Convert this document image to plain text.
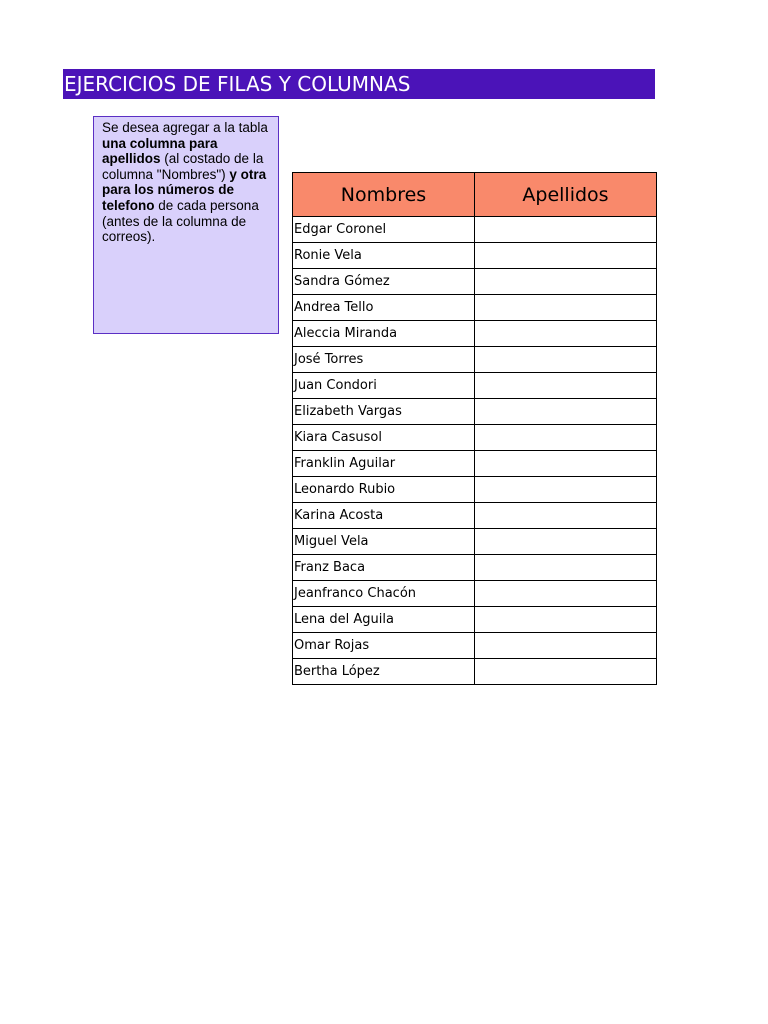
EJERCICIOS DE FILAS Y COLUMNAS
Se desea agregar a la tabla una columna para apellidos (al costado de la columna "Nombres") y otra para los números de telefono de cada persona (antes de la columna de correos).
Nombres	Apellidos
Edgar Coronel	
Ronie Vela	
Sandra Gómez	
Andrea Tello	
Aleccia Miranda	
José Torres	
Juan Condori	
Elizabeth Vargas	
Kiara Casusol	
Franklin Aguilar	
Leonardo Rubio	
Karina Acosta	
Miguel Vela	
Franz Baca	
Jeanfranco Chacón	
Lena del Aguila	
Omar Rojas	
Bertha López	
